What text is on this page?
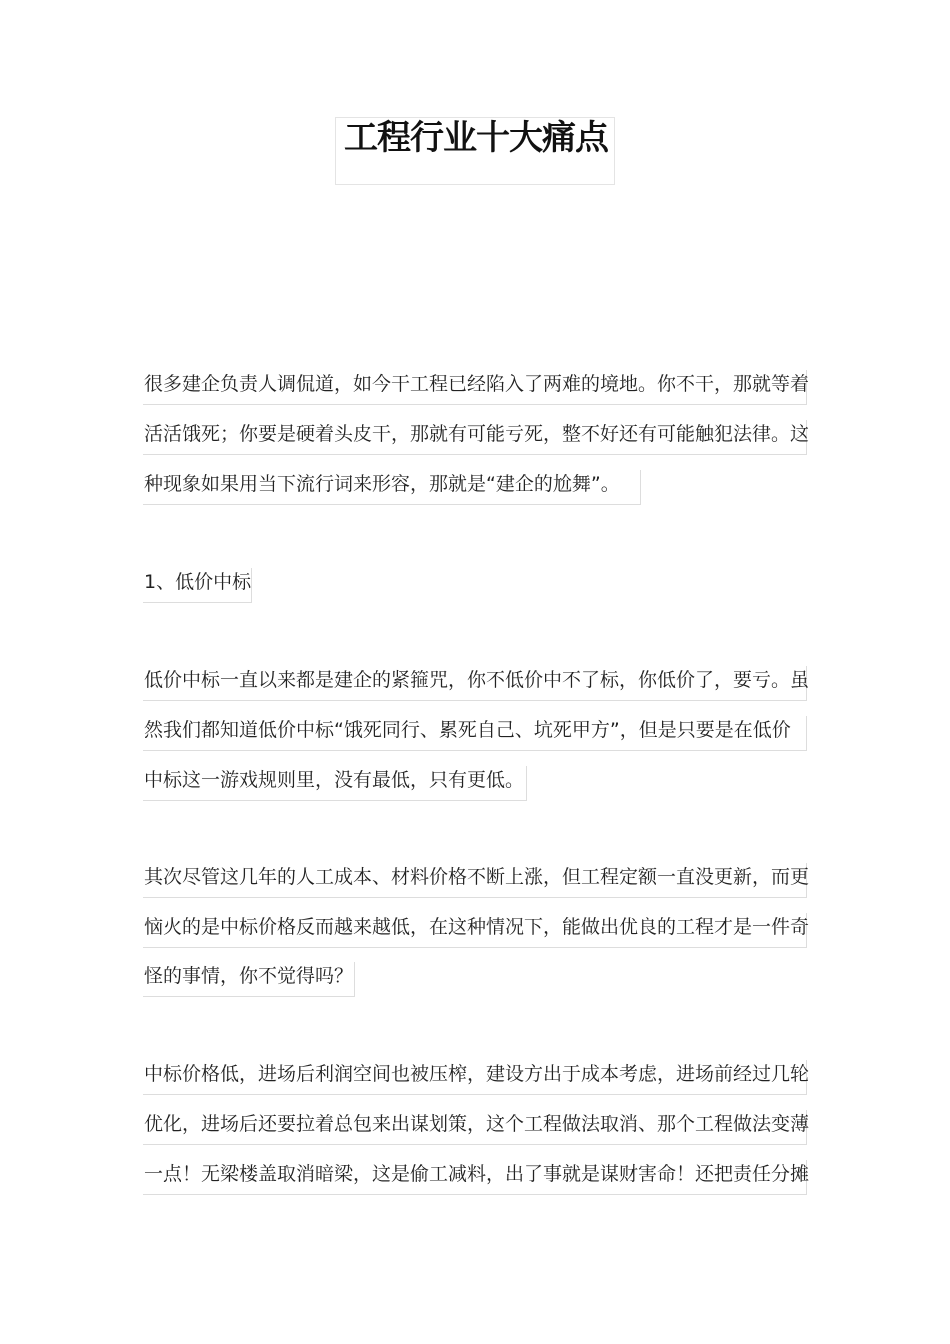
工程行业十大痛点
很多建企负责人调侃道，如今干工程已经陷入了两难的境地。你不干，那就等着
活活饿死；你要是硬着头皮干，那就有可能亏死，整不好还有可能触犯法律。这
种现象如果用当下流行词来形容，那就是“建企的尬舞”。
1、低价中标
低价中标一直以来都是建企的紧箍咒，你不低价中不了标，你低价了，要亏。虽
然我们都知道低价中标“饿死同行、累死自己、坑死甲方”，但是只要是在低价
中标这一游戏规则里，没有最低，只有更低。
其次尽管这几年的人工成本、材料价格不断上涨，但工程定额一直没更新，而更
恼火的是中标价格反而越来越低，在这种情况下，能做出优良的工程才是一件奇
怪的事情，你不觉得吗？
中标价格低，进场后利润空间也被压榨，建设方出于成本考虑，进场前经过几轮
优化，进场后还要拉着总包来出谋划策，这个工程做法取消、那个工程做法变薄
一点！无梁楼盖取消暗梁，这是偷工减料，出了事就是谋财害命！还把责任分摊
